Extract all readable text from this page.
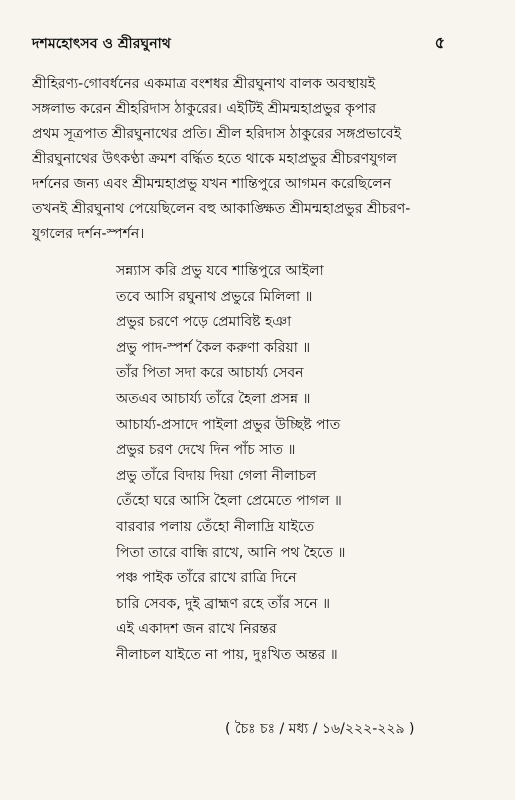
দশমহোৎসব ও শ্রীরঘুনাথ	৫
শ্রীহিরণ্য-গোবর্ধনের একমাত্র বংশধর শ্রীরঘুনাথ বালক অবস্থায়ই
সঙ্গলাভ করেন শ্রীহরিদাস ঠাকুরের। এইটিই শ্রীমন্মহাপ্রভুর কৃপার
প্রথম সূত্রপাত শ্রীরঘুনাথের প্রতি। শ্রীল হরিদাস ঠাকুরের সঙ্গপ্রভাবেই
শ্রীরঘুনাথের উৎকণ্ঠা ক্রমশ বর্দ্ধিত হতে থাকে মহাপ্রভুর শ্রীচরণযুগল
দর্শনের জন্য এবং শ্রীমন্মহাপ্রভু যখন শান্তিপুরে আগমন করেছিলেন
তখনই শ্রীরঘুনাথ পেয়েছিলেন বহু আকাঙ্ক্ষিত শ্রীমন্মহাপ্রভুর শ্রীচরণ-
যুগলের দর্শন-স্পর্শন।
সন্ন্যাস করি প্রভু যবে শান্তিপুরে আইলা
তবে আসি রঘুনাথ প্রভুরে মিলিলা ॥
প্রভুর চরণে পড়ে প্রেমাবিষ্ট হঞা
প্রভু পাদ-স্পর্শ কৈল করুণা করিয়া ॥
তাঁর পিতা সদা করে আচার্য্য সেবন
অতএব আচার্য্য তাঁরে হৈলা প্রসন্ন ॥
আচার্য্য-প্রসাদে পাইলা প্রভুর উচ্ছিষ্ট পাত
প্রভুর চরণ দেখে দিন পাঁচ সাত ॥
প্রভু তাঁরে বিদায় দিয়া গেলা নীলাচল
তেঁহো ঘরে আসি হৈলা প্রেমেতে পাগল ॥
বারবার পলায় তেঁহো নীলাদ্রি যাইতে
পিতা তারে বান্ধি রাখে, আনি পথ হৈতে ॥
পঞ্চ পাইক তাঁরে রাখে রাত্রি দিনে
চারি সেবক, দুই ব্রাহ্মণ রহে তাঁর সনে ॥
এই একাদশ জন রাখে নিরন্তর
নীলাচল যাইতে না পায়, দুঃখিত অন্তর ॥
( চৈঃ চঃ / মধ্য / ১৬/২২২-২২৯ )
